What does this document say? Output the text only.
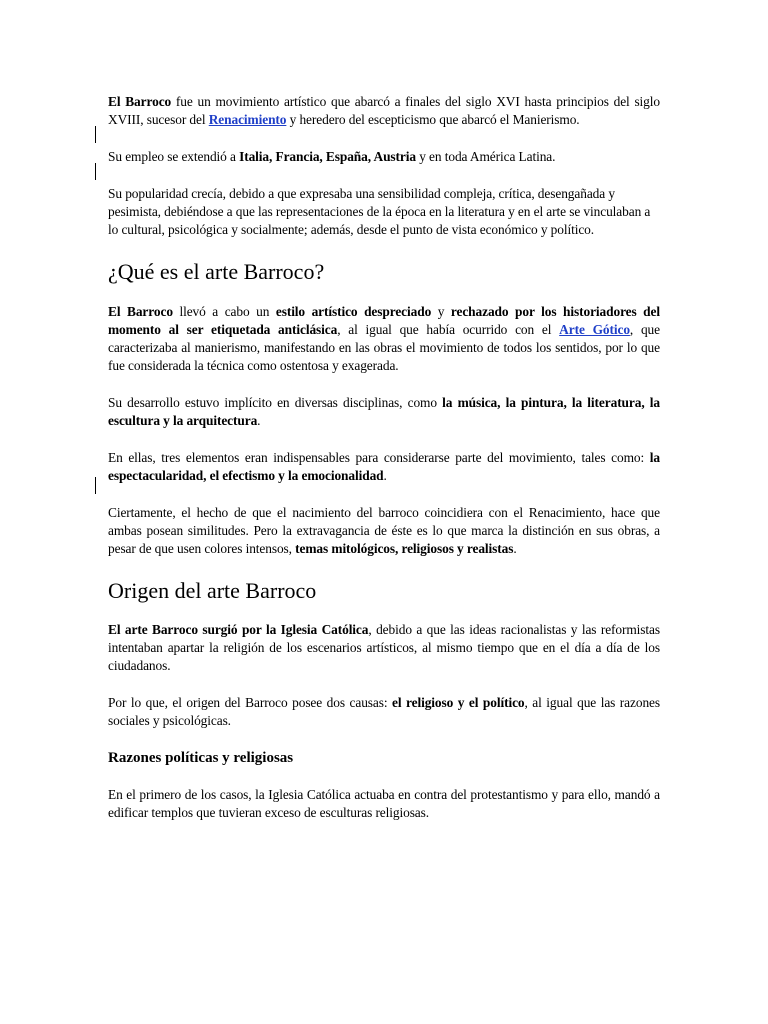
El Barroco fue un movimiento artístico que abarcó a finales del siglo XVI hasta principios del siglo XVIII, sucesor del Renacimiento y heredero del escepticismo que abarcó el Manierismo.

Su empleo se extendió a Italia, Francia, España, Austria y en toda América Latina.

Su popularidad crecía, debido a que expresaba una sensibilidad compleja, crítica, desengañada y pesimista, debiéndose a que las representaciones de la época en la literatura y en el arte se vinculaban a lo cultural, psicológica y socialmente; además, desde el punto de vista económico y político.

¿Qué es el arte Barroco?

El Barroco llevó a cabo un estilo artístico despreciado y rechazado por los historiadores del momento al ser etiquetada anticlásica, al igual que había ocurrido con el Arte Gótico, que caracterizaba al manierismo, manifestando en las obras el movimiento de todos los sentidos, por lo que fue considerada la técnica como ostentosa y exagerada.

Su desarrollo estuvo implícito en diversas disciplinas, como la música, la pintura, la literatura, la escultura y la arquitectura.

En ellas, tres elementos eran indispensables para considerarse parte del movimiento, tales como: la espectacularidad, el efectismo y la emocionalidad.

Ciertamente, el hecho de que el nacimiento del barroco coincidiera con el Renacimiento, hace que ambas posean similitudes. Pero la extravagancia de éste es lo que marca la distinción en sus obras, a pesar de que usen colores intensos, temas mitológicos, religiosos y realistas.

Origen del arte Barroco

El arte Barroco surgió por la Iglesia Católica, debido a que las ideas racionalistas y las reformistas intentaban apartar la religión de los escenarios artísticos, al mismo tiempo que en el día a día de los ciudadanos.

Por lo que, el origen del Barroco posee dos causas: el religioso y el político, al igual que las razones sociales y psicológicas.

Razones políticas y religiosas

En el primero de los casos, la Iglesia Católica actuaba en contra del protestantismo y para ello, mandó a edificar templos que tuvieran exceso de esculturas religiosas.
